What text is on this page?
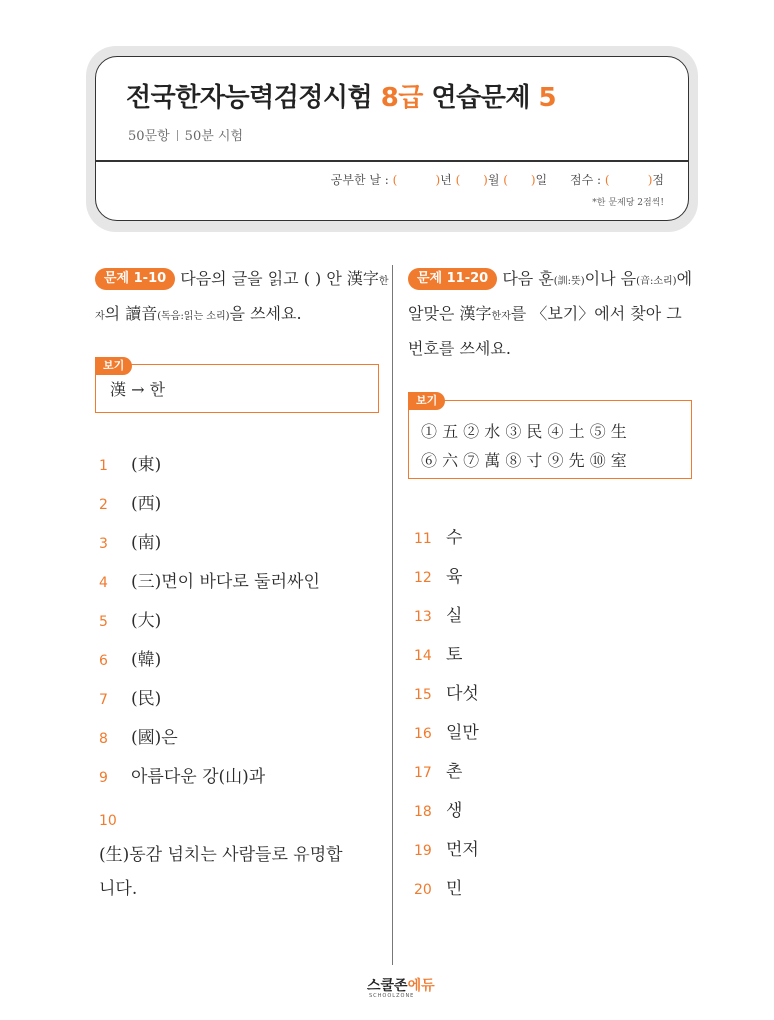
전국한자능력검정시험 8급 연습문제 5
50문항 50분 시험
공부한 날 : (	)년 ( )월 ( )일 점수 : (	)점
*한 문제당 2점씩!
문제 1-10 다음의 글을 읽고 ( ) 안 漢字한자의 讀音(독음:읽는 소리)을 쓰세요.
漢 → 한
보기
1 (東)
2 (西)
3 (南)
4 (三)면이 바다로 둘러싸인
5 (大)
6 (韓)
7 (民)
8 (國)은
9 아름다운 강(山)과
10(生)동감 넘치는 사람들로 유명합니다.
문제 11-20 다음 훈(訓:뜻)이나 음(音:소리)에 알맞은 漢字한자를 〈보기〉에서 찾아 그 번호를 쓰세요.
① 五 ② 水 ③ 民 ④ 土 ⑤ 生
⑥ 六 ⑦ 萬 ⑧ 寸 ⑨ 先 ⑩ 室
보기
11 수
12 육
13 실
14 토
15 다섯
16 일만
17 촌
18 생
19 먼저
20 민
스쿨존에듀
SCHOOLZONE
